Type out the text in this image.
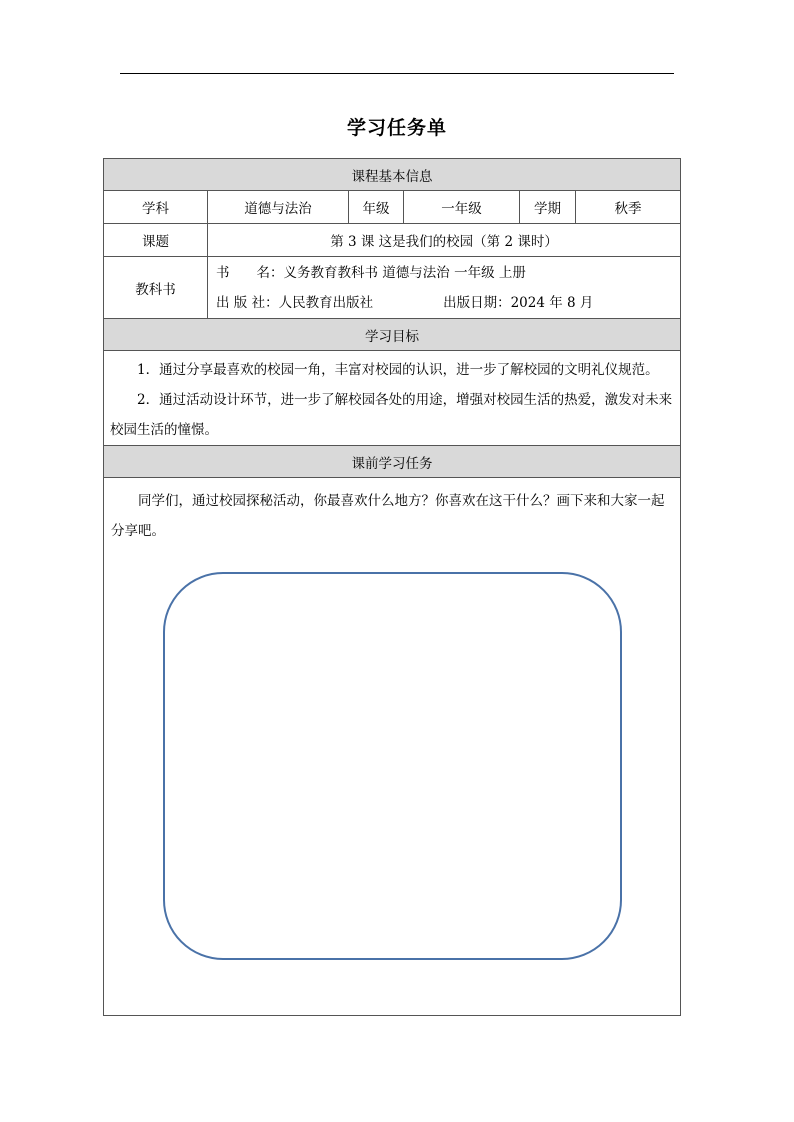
学习任务单
课程基本信息					
学科	道德与法治	年级	一年级	学期	秋季
课题	第 3 课 这是我们的校园（第 2 课时）				
教科书	书　　名：义务教育教科书 道德与法治 一年级 上册
出 版 社：人民教育出版社 出版日期：2024 年 8 月				

学习目标					

1．通过分享最喜欢的校园一角，丰富对校园的认识，进一步了解校园的文明礼仪规范。

2．通过活动设计环节，进一步了解校园各处的用途，增强对校园生活的热爱，激发对未来校园生活的憧憬。					

课前学习任务					

同学们，通过校园探秘活动，你最喜欢什么地方？你喜欢在这干什么？画下来和大家一起分享吧。					
